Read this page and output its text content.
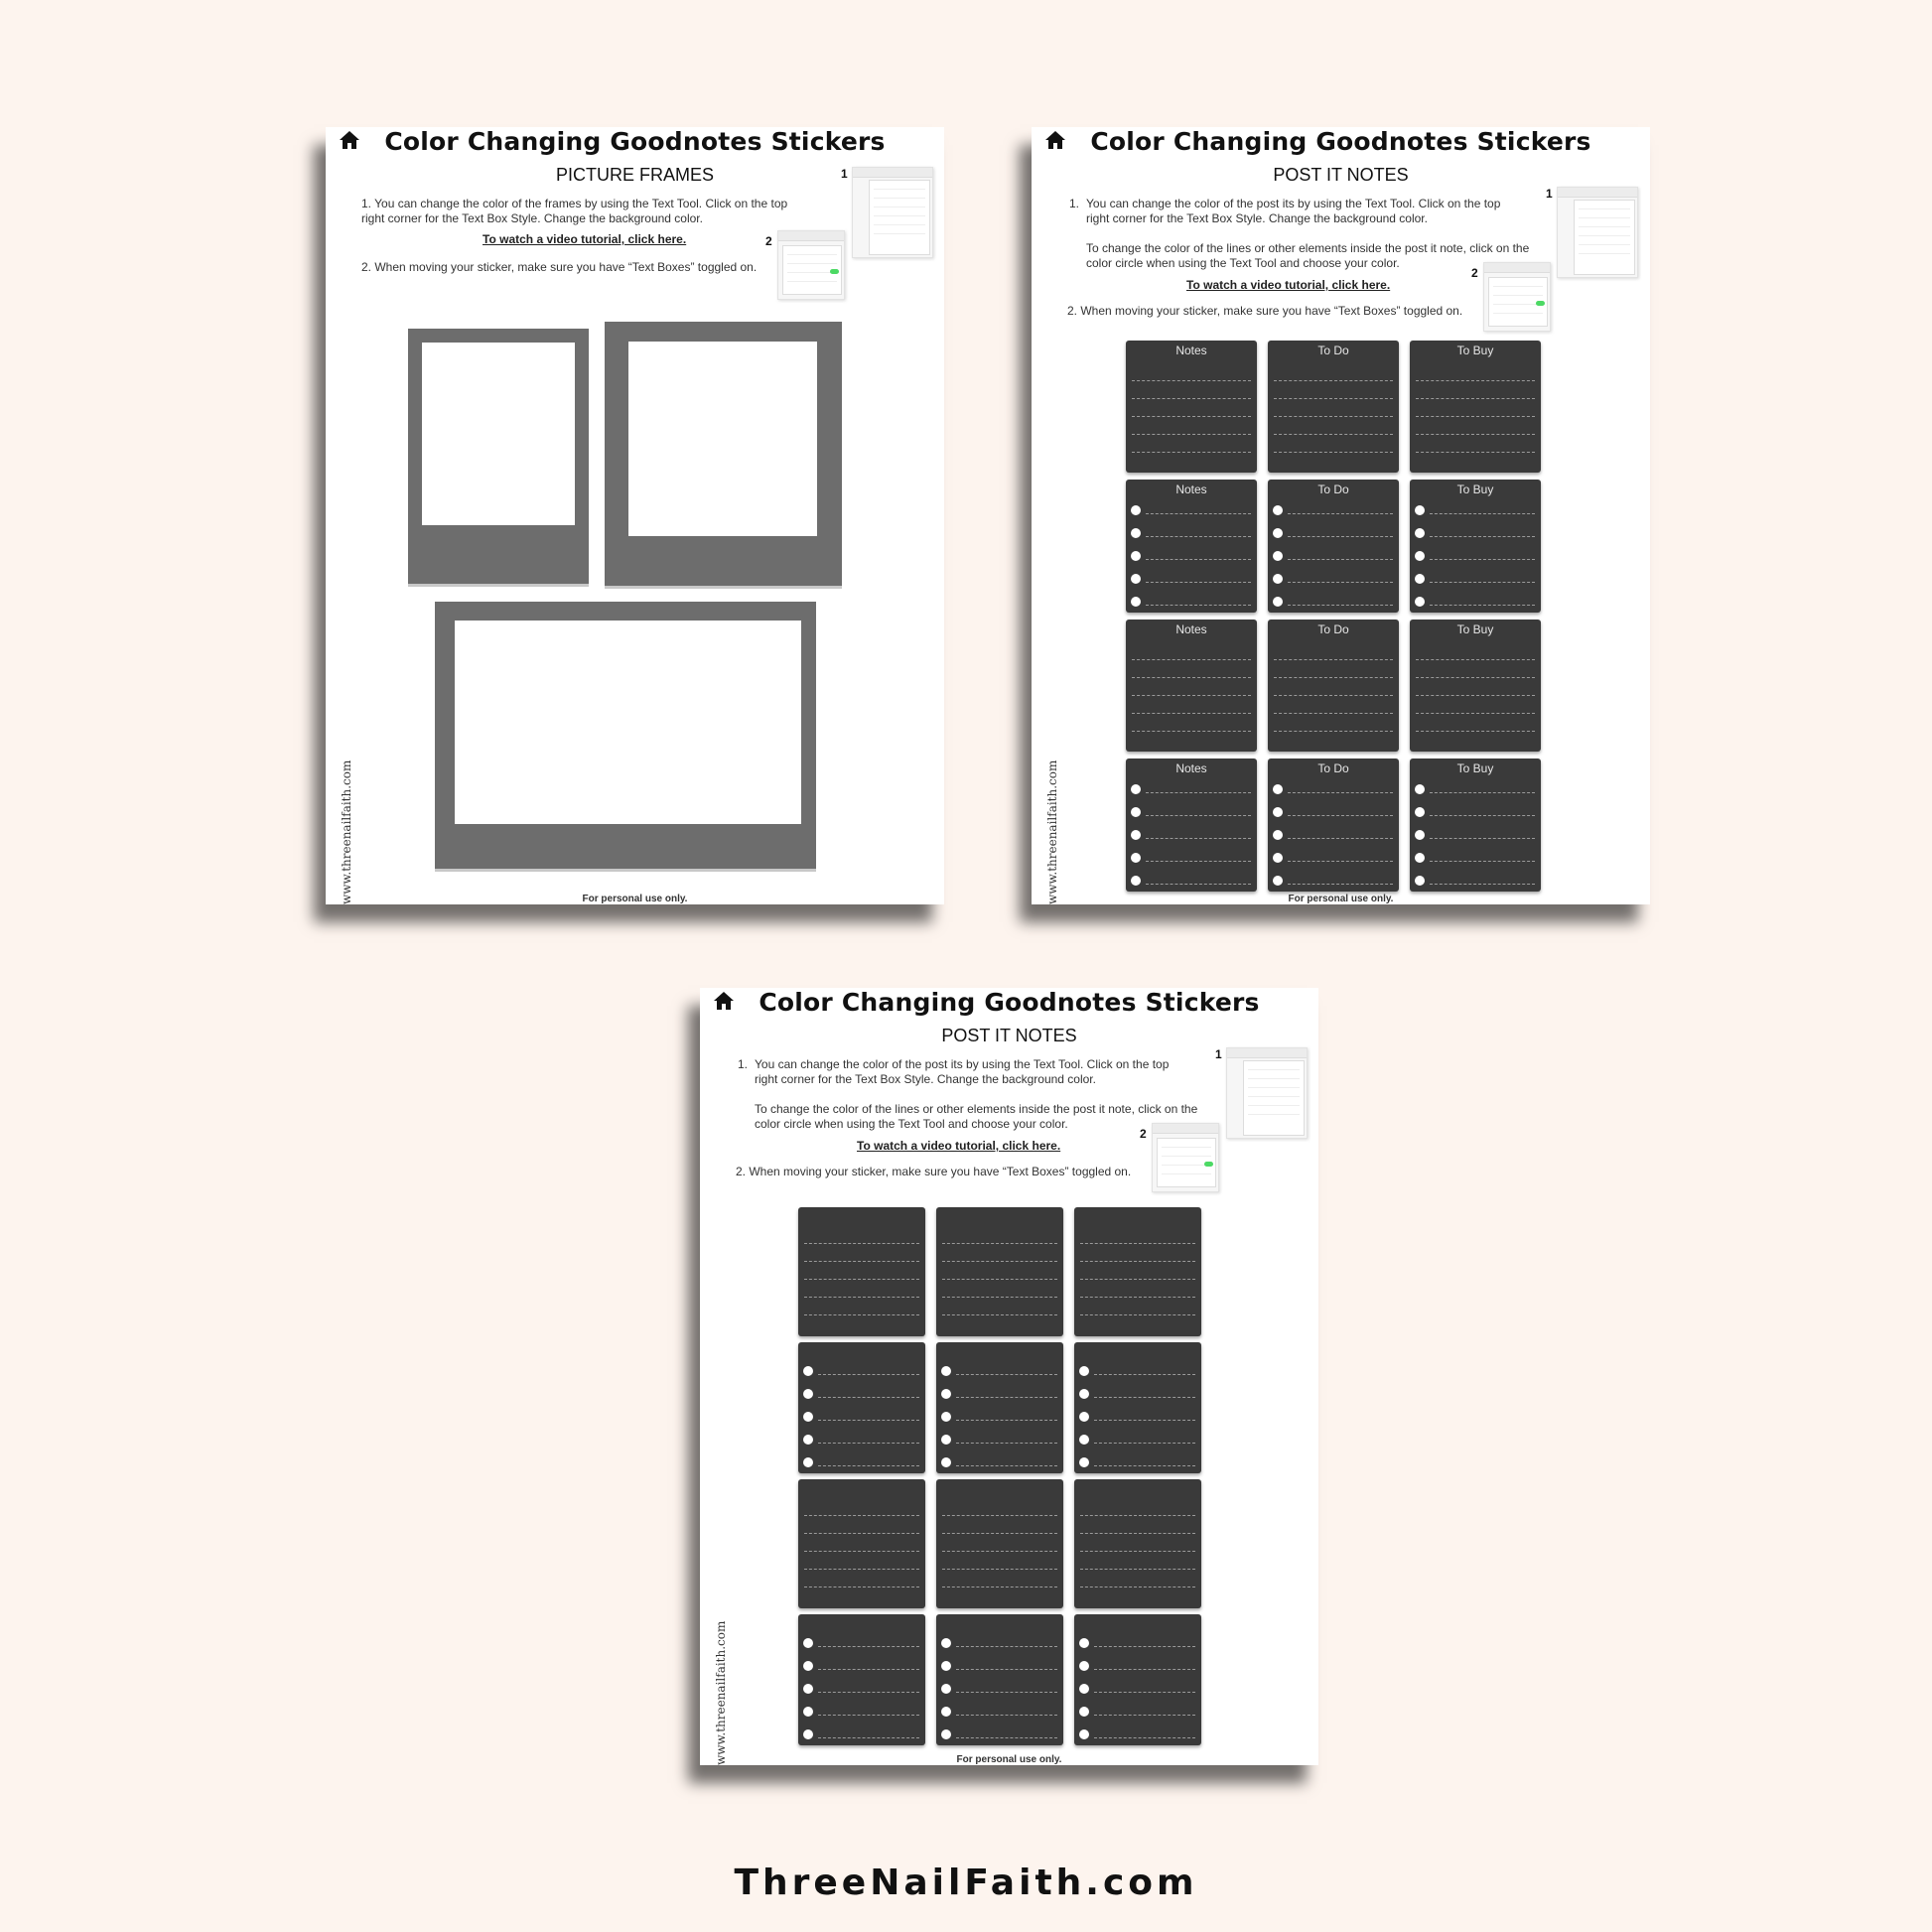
Color Changing Goodnotes Stickers
PICTURE FRAMES
1. You can change the color of the frames by using the Text Tool. Click on the top right corner for the Text Box Style. Change the background color.
To watch a video tutorial, click here.
2. When moving your sticker, make sure you have “Text Boxes” toggled on.
1
2
www.threenailfaith.com	For personal use only.
Color Changing Goodnotes Stickers
POST IT NOTES
1. You can change the color of the post its by using the Text Tool. Click on the top right corner for the Text Box Style. Change the background color.
To change the color of the lines or other elements inside the post it note, click on the color circle when using the Text Tool and choose your color.
To watch a video tutorial, click here.
2. When moving your sticker, make sure you have “Text Boxes” toggled on.
1
2
Notes	To Do	To Buy
Notes	To Do	To Buy
Notes	To Do	To Buy
Notes	To Do	To Buy
www.threenailfaith.com	For personal use only.
Color Changing Goodnotes Stickers
POST IT NOTES
1. You can change the color of the post its by using the Text Tool. Click on the top right corner for the Text Box Style. Change the background color.
To change the color of the lines or other elements inside the post it note, click on the color circle when using the Text Tool and choose your color.
To watch a video tutorial, click here.
2. When moving your sticker, make sure you have “Text Boxes” toggled on.
1
2
www.threenailfaith.com	For personal use only.
ThreeNailFaith.com
